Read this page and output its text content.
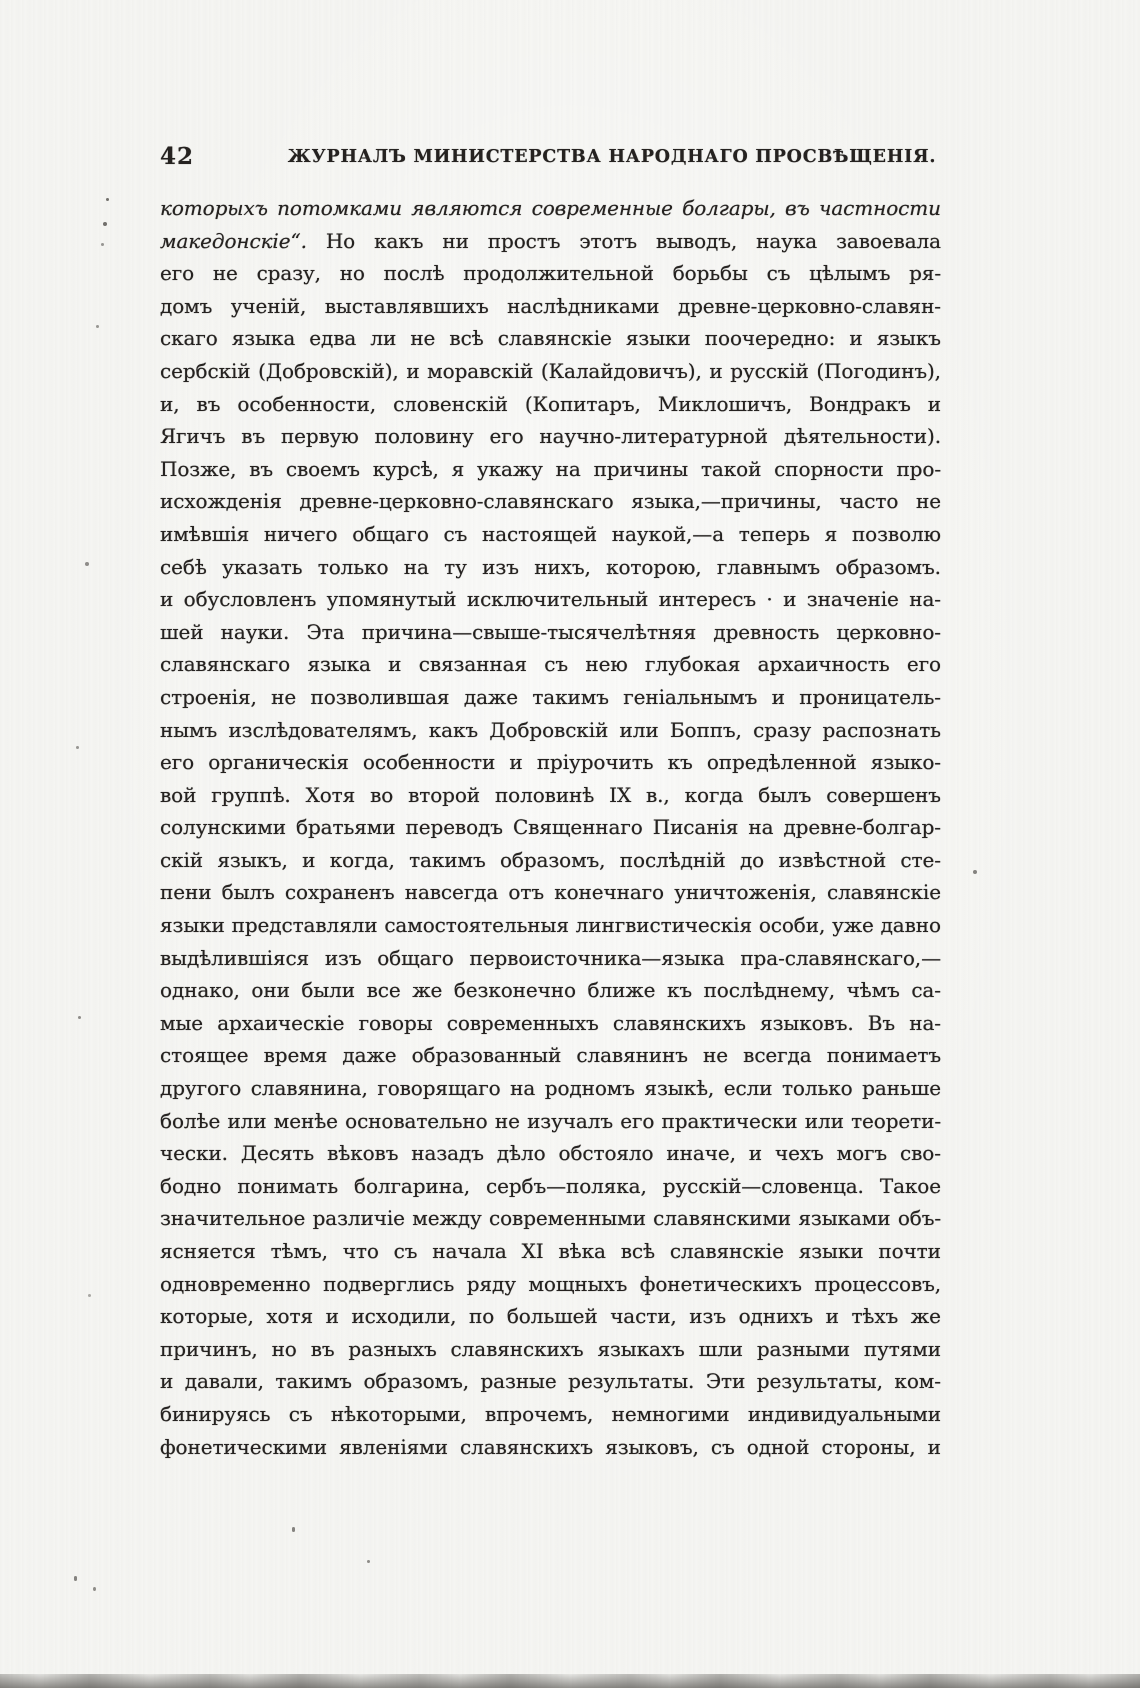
42	ЖУРНАЛЪ МИНИСТЕРСТВА НАРОДНАГО ПРОСВѢЩЕНІЯ.
которыхъ потомками являются современные болгары, въ частности
македонскіе“. Но какъ ни простъ этотъ выводъ, наука завоевала
его не сразу, но послѣ продолжительной борьбы съ цѣлымъ ря-
домъ ученій, выставлявшихъ наслѣдниками древне-церковно-славян-
скаго языка едва ли не всѣ славянскіе языки поочередно: и языкъ
сербскій (Добровскій), и моравскій (Калайдовичъ), и русскій (Погодинъ),
и, въ особенности, словенскій (Копитаръ, Миклошичъ, Вондракъ и
Ягичъ въ первую половину его научно-литературной дѣятельности).
Позже, въ своемъ курсѣ, я укажу на причины такой спорности про-
исхожденія древне-церковно-славянскаго языка,—причины, часто не
имѣвшія ничего общаго съ настоящей наукой,—а теперь я позволю
себѣ указать только на ту изъ нихъ, которою, главнымъ образомъ.
и обусловленъ упомянутый исключительный интересъ · и значеніе на-
шей науки. Эта причина—свыше-тысячелѣтняя древность церковно-
славянскаго языка и связанная съ нею глубокая архаичность его
строенія, не позволившая даже такимъ геніальнымъ и проницатель-
нымъ изслѣдователямъ, какъ Добровскій или Боппъ, сразу распознать
его органическія особенности и пріурочить къ опредѣленной языко-
вой группѣ. Хотя во второй половинѣ IX в., когда былъ совершенъ
солунскими братьями переводъ Священнаго Писанія на древне-болгар-
скій языкъ, и когда, такимъ образомъ, послѣдній до извѣстной сте-
пени былъ сохраненъ навсегда отъ конечнаго уничтоженія, славянскіе
языки представляли самостоятельныя лингвистическія особи, уже давно
выдѣлившіяся изъ общаго первоисточника—языка пра-славянскаго,—
однако, они были все же безконечно ближе къ послѣднему, чѣмъ са-
мые архаическіе говоры современныхъ славянскихъ языковъ. Въ на-
стоящее время даже образованный славянинъ не всегда понимаетъ
другого славянина, говорящаго на родномъ языкѣ, если только раньше
болѣе или менѣе основательно не изучалъ его практически или теорети-
чески. Десять вѣковъ назадъ дѣло обстояло иначе, и чехъ могъ сво-
бодно понимать болгарина, сербъ—поляка, русскій—словенца. Такое
значительное различіе между современными славянскими языками объ-
ясняется тѣмъ, что съ начала XI вѣка всѣ славянскіе языки почти
одновременно подверглись ряду мощныхъ фонетическихъ процессовъ,
которые, хотя и исходили, по большей части, изъ однихъ и тѣхъ же
причинъ, но въ разныхъ славянскихъ языкахъ шли разными путями
и давали, такимъ образомъ, разные результаты. Эти результаты, ком-
бинируясь съ нѣкоторыми, впрочемъ, немногими индивидуальными
фонетическими явленіями славянскихъ языковъ, съ одной стороны, и
